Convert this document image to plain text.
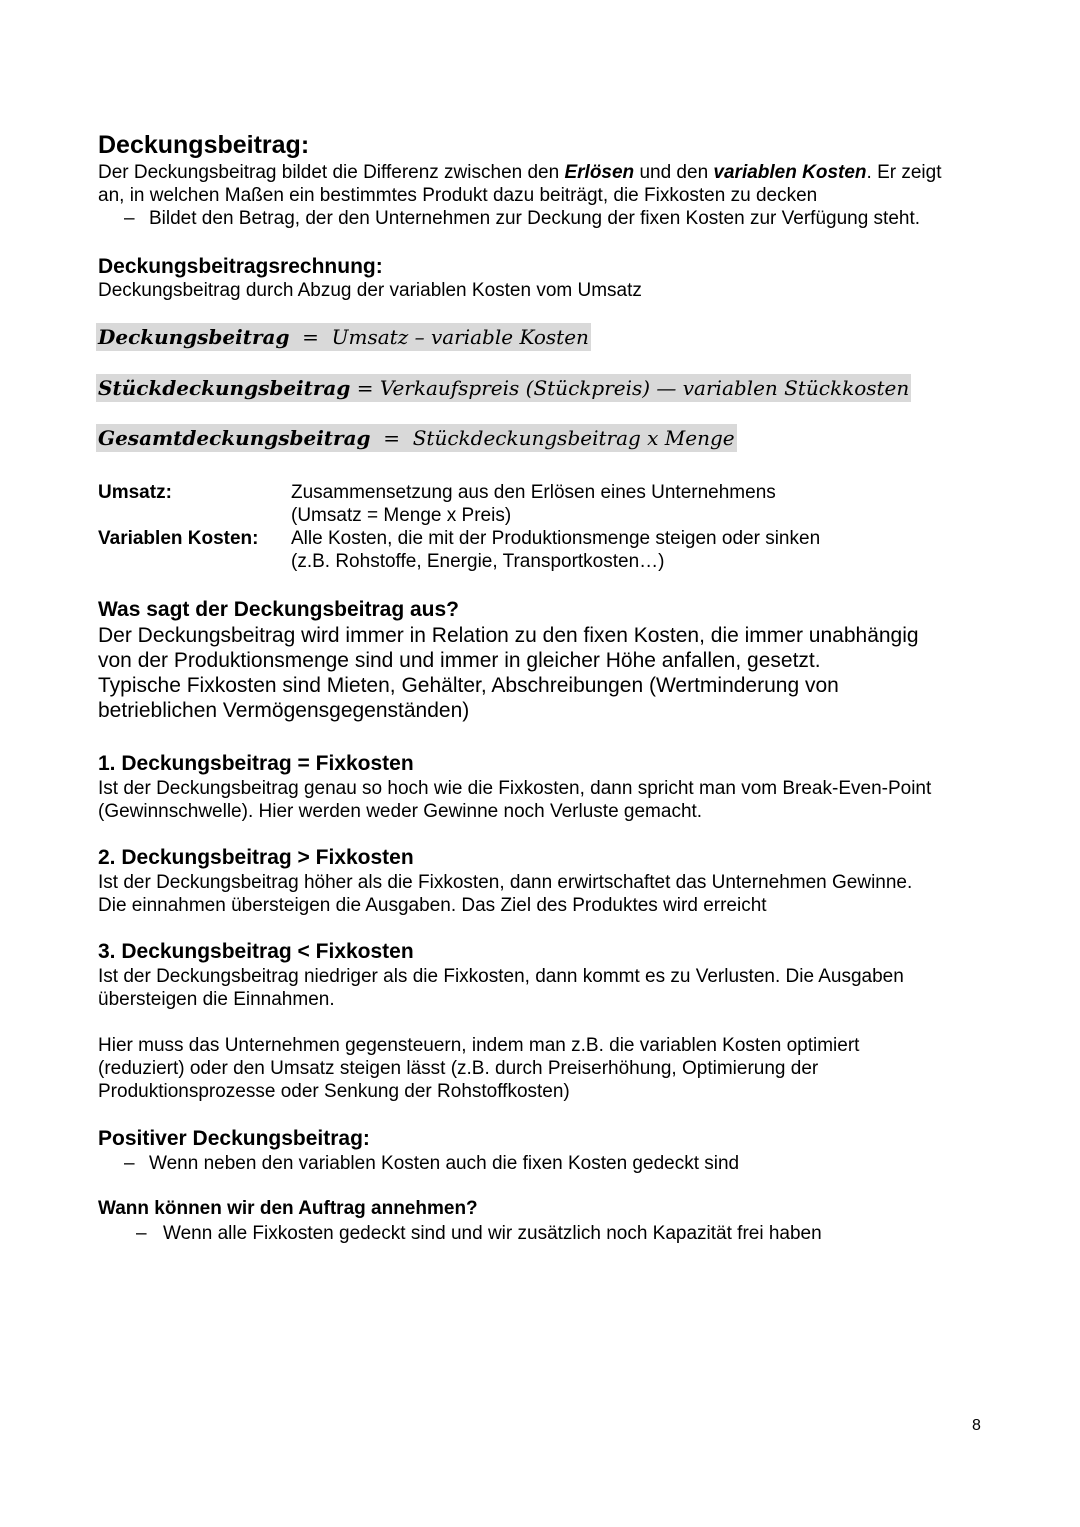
Deckungsbeitrag:
Der Deckungsbeitrag bildet die Differenz zwischen den Erlösen und den variablen Kosten. Er zeigt
an, in welchen Maßen ein bestimmtes Produkt dazu beiträgt, die Fixkosten zu decken
– Bildet den Betrag, der den Unternehmen zur Deckung der fixen Kosten zur Verfügung steht.
Deckungsbeitragsrechnung:
Deckungsbeitrag durch Abzug der variablen Kosten vom Umsatz
Deckungsbeitrag  =  Umsatz – variable Kosten
Stückdeckungsbeitrag = Verkaufspreis (Stückpreis) — variablen Stückkosten
Gesamtdeckungsbeitrag  =  Stückdeckungsbeitrag x Menge
Umsatz:	Zusammensetzung aus den Erlösen eines Unternehmens
(Umsatz = Menge x Preis)
Variablen Kosten: Alle Kosten, die mit der Produktionsmenge steigen oder sinken
(z.B. Rohstoffe, Energie, Transportkosten…)
Was sagt der Deckungsbeitrag aus?
Der Deckungsbeitrag wird immer in Relation zu den fixen Kosten, die immer unabhängig
von der Produktionsmenge sind und immer in gleicher Höhe anfallen, gesetzt.
Typische Fixkosten sind Mieten, Gehälter, Abschreibungen (Wertminderung von
betrieblichen Vermögensgegenständen)
1. Deckungsbeitrag = Fixkosten
Ist der Deckungsbeitrag genau so hoch wie die Fixkosten, dann spricht man vom Break-Even-Point
(Gewinnschwelle). Hier werden weder Gewinne noch Verluste gemacht.
2. Deckungsbeitrag > Fixkosten
Ist der Deckungsbeitrag höher als die Fixkosten, dann erwirtschaftet das Unternehmen Gewinne.
Die einnahmen übersteigen die Ausgaben. Das Ziel des Produktes wird erreicht
3. Deckungsbeitrag < Fixkosten
Ist der Deckungsbeitrag niedriger als die Fixkosten, dann kommt es zu Verlusten. Die Ausgaben
übersteigen die Einnahmen.
Hier muss das Unternehmen gegensteuern, indem man z.B. die variablen Kosten optimiert
(reduziert) oder den Umsatz steigen lässt (z.B. durch Preiserhöhung, Optimierung der
Produktionsprozesse oder Senkung der Rohstoffkosten)
Positiver Deckungsbeitrag:
– Wenn neben den variablen Kosten auch die fixen Kosten gedeckt sind
Wann können wir den Auftrag annehmen?
– Wenn alle Fixkosten gedeckt sind und wir zusätzlich noch Kapazität frei haben
8
